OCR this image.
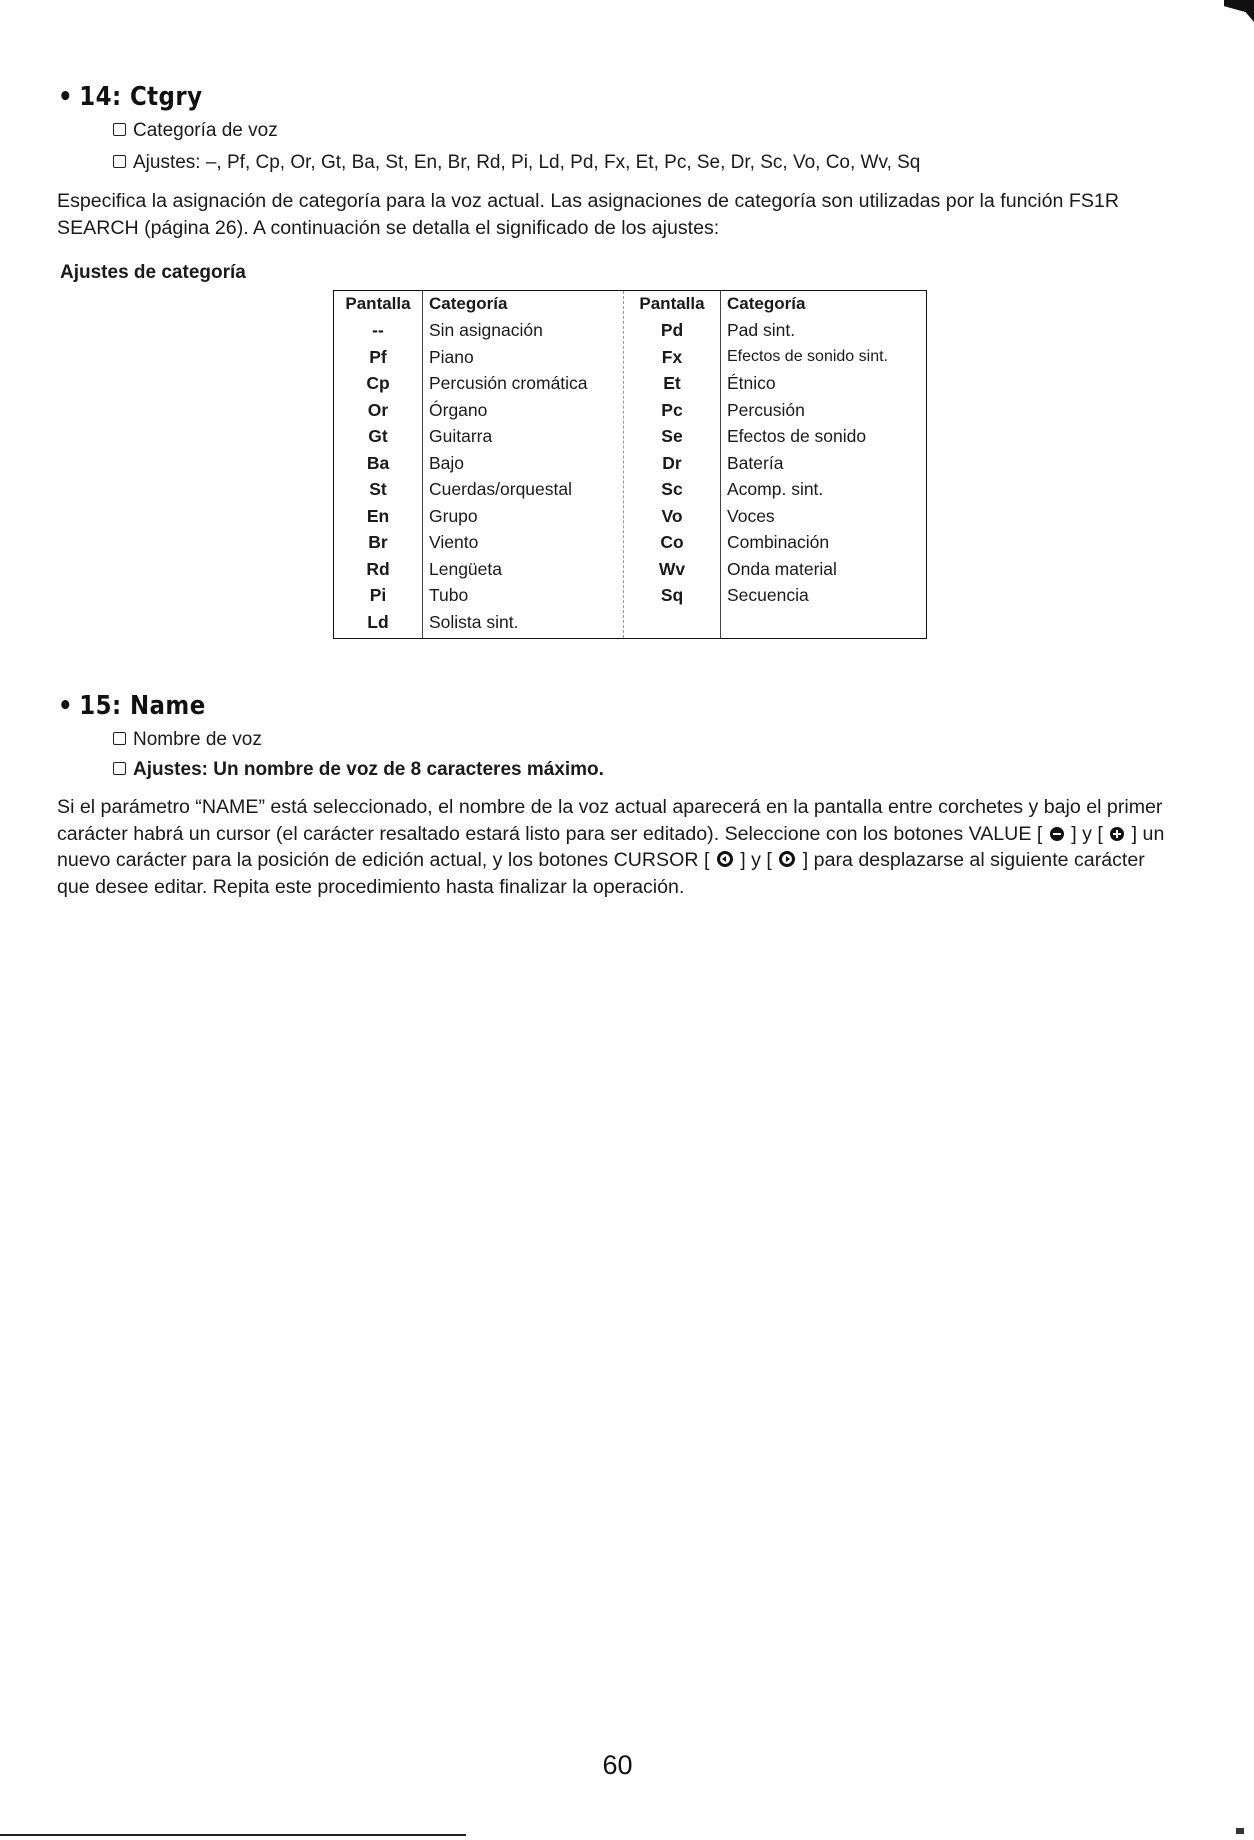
• 14: Ctgry
Categoría de voz
Ajustes: –, Pf, Cp, Or, Gt, Ba, St, En, Br, Rd, Pi, Ld, Pd, Fx, Et, Pc, Se, Dr, Sc, Vo, Co, Wv, Sq

Especifica la asignación de categoría para la voz actual. Las asignaciones de categoría son utilizadas por la función FS1R SEARCH (página 26). A continuación se detalla el significado de los ajustes:

Ajustes de categoría
Pantalla
--
Pf
Cp
Or
Gt
Ba
St
En
Br
Rd
Pi
Ld
Categoría
Sin asignación
Piano
Percusión cromática
Órgano
Guitarra
Bajo
Cuerdas/orquestal
Grupo
Viento
Lengüeta
Tubo
Solista sint.
Pantalla
Pd
Fx
Et
Pc
Se
Dr
Sc
Vo
Co
Wv
Sq
Categoría
Pad sint.
Efectos de sonido sint.
Étnico
Percusión
Efectos de sonido
Batería
Acomp. sint.
Voces
Combinación
Onda material
Secuencia
• 15: Name
Nombre de voz
Ajustes: Un nombre de voz de 8 caracteres máximo.

Si el parámetro “NAME” está seleccionado, el nombre de la voz actual aparecerá en la pantalla entre corchetes y bajo el primer carácter habrá un cursor (el carácter resaltado estará listo para ser editado). Seleccione con los botones VALUE [ ] y [ ] un nuevo carácter para la posición de edición actual, y los botones CURSOR [ ] y [ ] para desplazarse al siguiente carácter que desee editar. Repita este procedimiento hasta finalizar la operación.

60
